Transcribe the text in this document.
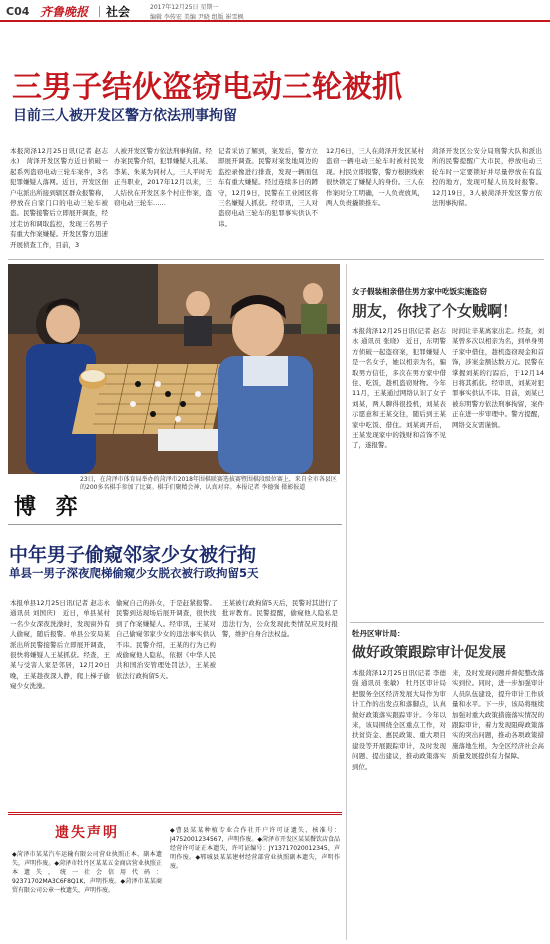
C04 齐鲁晚报 社会	2017年12月25日 星期一
编辑 李传宏 美编 尹晓 组版 崔雪枫
三男子结伙盗窃电动三轮被抓
目前三人被开发区警方依法刑事拘留
本报菏泽12月25日讯(记者 赵志永)　菏泽开发区警方近日侦破一起系列盗窃电动三轮车案件，3名犯罪嫌疑人落网。近日，开发区佃户屯派出所接到辖区群众报警称，停放在自家门口的电动三轮车被盗。民警接警后立即展开调查，经过走访和调取监控，发现三名男子有重大作案嫌疑。开发区警方迅速开展侦查工作，目前，3
人被开发区警方依法刑事拘留。经办案民警介绍，犯罪嫌疑人孔某、李某、朱某为同村人，三人平时无正当职业，2017年12月以来，三人结伙在开发区多个村庄作案，盗窃电动三轮车……
记者采访了解到，案发后，警方立即展开调查。民警对案发地周边的监控录像进行排查，发现一辆面包车有重大嫌疑。经过连续多日的蹲守，12月9日，民警在工业园区将三名嫌疑人抓获。经审讯，三人对盗窃电动三轮车的犯罪事实供认不讳。
12月6日，三人在菏泽开发区某村盗窃一辆电动三轮车时被村民发现。村民立即报警，警方根据线索很快锁定了嫌疑人的身份。三人在作案时分工明确，一人负责放风，两人负责撬锁推车。
菏泽开发区公安分局刑警大队和派出所的民警提醒广大市民，停放电动三轮车时一定要锁好并尽量停放在有监控的地方，发现可疑人员及时报警。12月19日，3人被菏泽开发区警方依法刑事拘留。
23日，在菏泽市体育局举办的菏泽市2018年围棋联赛选拔赛暨围棋段级位赛上，来自全市各县区的200多名棋手参加了比赛。棋手们聚精会神，认真对弈。本报记者 李德强 摄影报道
博 弈
中年男子偷窥邻家少女被行拘
单县一男子深夜爬梯偷窥少女脱衣被行政拘留5天
本报单县12月25日讯(记者 赵志永 通讯员 刘国庆)　近日，单县某村一名少女深夜洗澡时，发现窗外有人偷窥，随后报警。单县公安局某派出所民警接警后立即展开调查，很快将嫌疑人王某抓获。经查，王某与受害人家是邻居，12月20日晚，王某趁夜深人静，爬上梯子偷窥少女洗澡。
偷窥自己的孙女，于是赶紧报警。民警到达现场后展开调查，很快找到了作案嫌疑人。经审讯，王某对自己偷窥邻家少女的违法事实供认不讳。民警介绍，王某的行为已构成偷窥他人隐私，依据《中华人民共和国治安管理处罚法》，王某被依法行政拘留5天。
王某被行政拘留5天后，民警对其进行了批评教育。民警提醒，偷窥他人隐私是违法行为，公众发现此类情况应及时报警，维护自身合法权益。
遗失声明
◆菏泽市某某汽车运输有限公司营业执照正本、副本遗失，声明作废。◆菏泽市牡丹区某某五金商店营业执照正本遗失，统一社会信用代码：92371702MA3C6F8Q1K，声明作废。◆菏泽市某某商贸有限公司公章一枚遗失，声明作废。
◆曹县某某种植专业合作社开户许可证遗失，核准号：J4752001234567，声明作废。◆菏泽市开发区某某餐饮店食品经营许可证正本遗失，许可证编号：JY13717020012345，声明作废。◆郓城县某某建材经营部营业执照副本遗失，声明作废。
女子假装相亲借住男方家中吃饭实施盗窃
朋友，你找了个女贼啊！
本报菏泽12月25日讯(记者 赵志永 通讯员 张晓)　近日，东明警方侦破一起盗窃案，犯罪嫌疑人是一名女子，她以相亲为名，骗取男方信任，多次在男方家中借住、吃饭，趁机盗窃财物。今年11月，王某通过网络认识了女子刘某，两人聊得很投机，刘某表示愿意和王某交往，随后到王某家中吃饭、借住。刘某离开后，王某发现家中的钱财和首饰不见了，遂报警。
时间让辛某离家出走。经查，刘某曾多次以相亲为名，到单身男子家中借住，趁机盗窃现金和首饰，涉案金额达数万元。民警在掌握刘某的行踪后，于12月14日将其抓获。经审讯，刘某对犯罪事实供认不讳。目前，刘某已被东明警方依法刑事拘留，案件正在进一步审理中。警方提醒，网络交友需谨慎。
牡丹区审计局：
做好政策跟踪审计促发展
本报菏泽12月25日讯(记者 李德强 通讯员 张敏)　牡丹区审计局把服务全区经济发展大局作为审计工作的出发点和落脚点，认真做好政策落实跟踪审计。今年以来，该局围绕全区重点工作，对扶贫资金、惠民政策、重大项目建设等开展跟踪审计，及时发现问题、提出建议，推动政策落实到位。
来，及时发现问题并督促整改落实到位。同时，进一步加强审计人员队伍建设，提升审计工作质量和水平。下一步，该局将继续加强对重大政策措施落实情况的跟踪审计，着力发现阻碍政策落实的突出问题，推动各项政策措施落地生根，为全区经济社会高质量发展提供有力保障。
